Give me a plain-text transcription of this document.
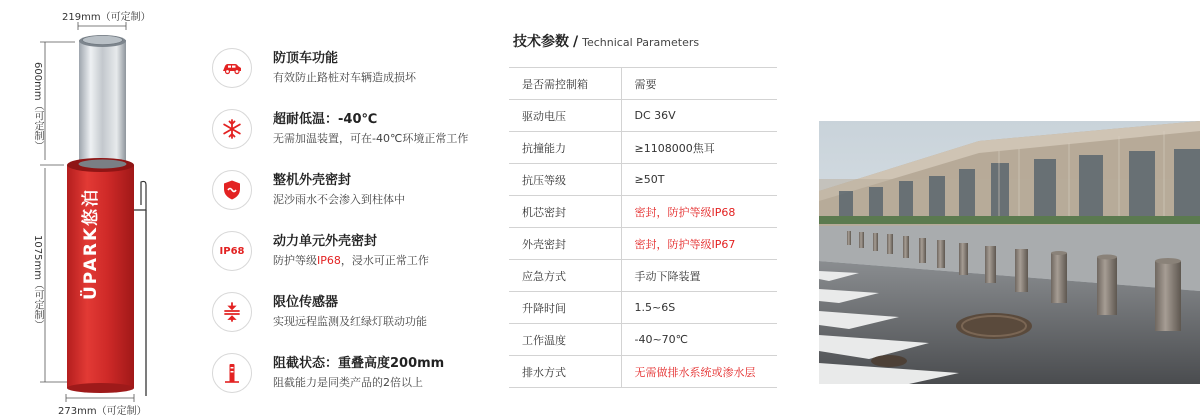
219mm（可定制）
600mm（可定制）
1075mm（可定制）
273mm（可定制）
ÜPARK悠泊
防顶车功能
有效防止路桩对车辆造成损坏
超耐低温：-40℃
无需加温装置，可在-40℃环境正常工作
整机外壳密封
泥沙雨水不会渗入到柱体中
IP68
动力单元外壳密封
防护等级IP68，浸水可正常工作
限位传感器
实现远程监测及红绿灯联动功能
阻截状态：重叠高度200mm
阻截能力是同类产品的2倍以上
技术参数 / Technical Parameters
是否需控制箱	需要
驱动电压	DC 36V
抗撞能力	≥1108000焦耳
抗压等级	≥50T
机芯密封	密封，防护等级IP68
外壳密封	密封，防护等级IP67
应急方式	手动下降装置
升降时间	1.5~6S
工作温度	-40~70℃
排水方式	无需做排水系统或渗水层
